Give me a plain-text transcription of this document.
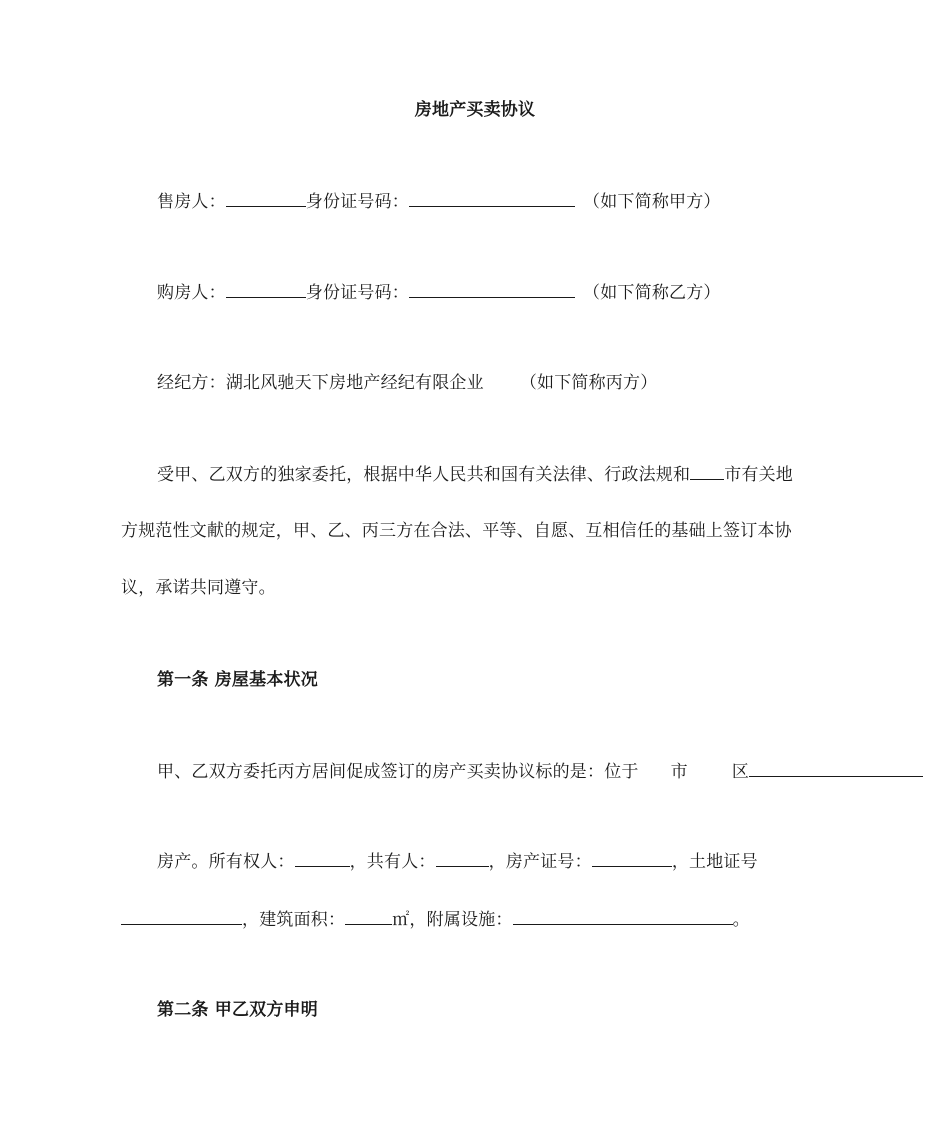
房地产买卖协议
售房人：	身份证号码：	（如下简称甲方）
购房人：	身份证号码：	（如下简称乙方）
经纪方：湖北风驰天下房地产经纪有限企业 （如下简称丙方）
受甲、乙双方的独家委托，根据中华人民共和国有关法律、行政法规和 市有关地
方规范性文献的规定，甲、乙、丙三方在合法、平等、自愿、互相信任的基础上签订本协
议，承诺共同遵守。
第一条 房屋基本状况
甲、乙双方委托丙方居间促成签订的房产买卖协议标的是：位于 市	区
房产。所有权人：	，共有人：	，房产证号：	，土地证号
，建筑面积：	㎡，附属设施：	。
第二条 甲乙双方申明
